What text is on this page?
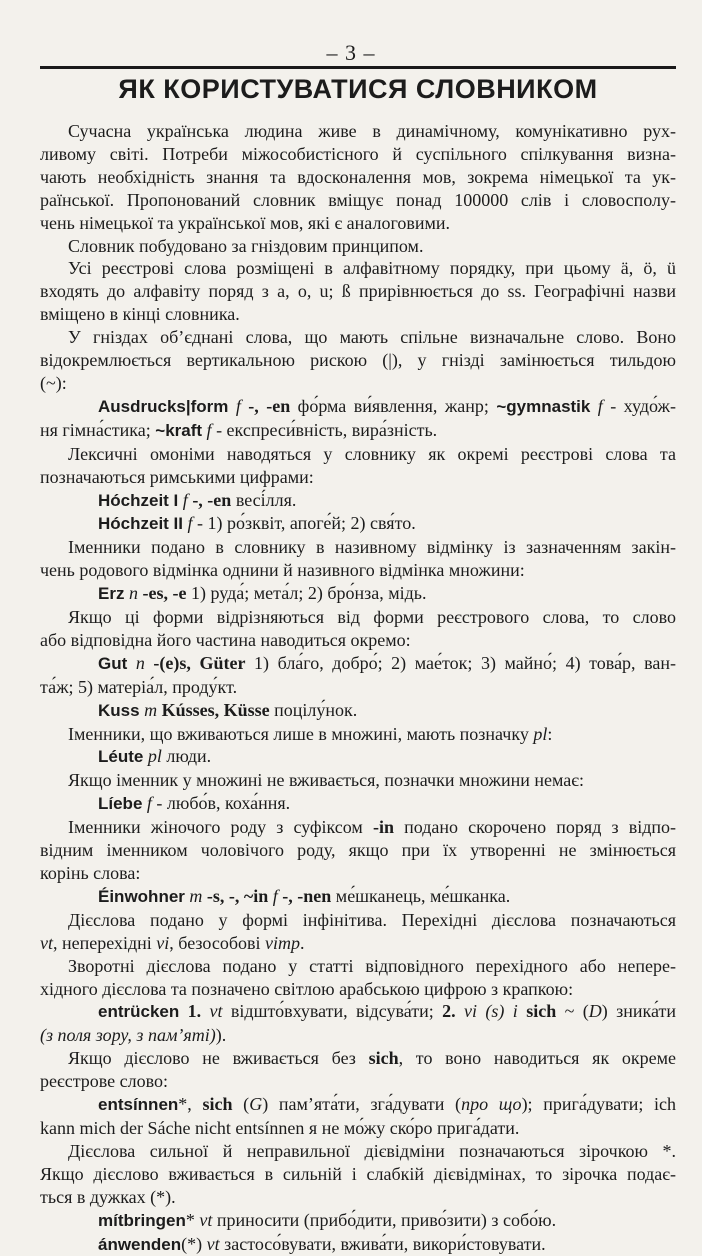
– 3 –
ЯК КОРИСТУВАТИСЯ СЛОВНИКОМ

Сучасна українська людина живе в динамічному, комунікативно рух-

ливому світі. Потреби міжособистісного й суспільного спілкування визна-

чають необхідність знання та вдосконалення мов, зокрема німецької та ук-

раїнської. Пропонований словник вміщує понад 100000 слів і словосполу-

чень німецької та української мов, які є аналоговими.

Словник побудовано за гніздовим принципом.

Усі реєстрові слова розміщені в алфавітному порядку, при цьому ä, ö, ü

входять до алфавіту поряд з a, o, u; ß прирівнюється до ss. Географічні назви

вміщено в кінці словника.

У гніздах об’єднані слова, що мають спільне визначальне слово. Воно

відокремлюється вертикальною рискою (|), у гнізді замінюється тильдою

(~):

Ausdrucks|form f -, -en фо́рма ви́явлення, жанр; ~gymnastik f - худо́ж-

ня гімна́стика; ~kraft f - експреси́вність, вира́зність.

Лексичні омоніми наводяться у словнику як окремі реєстрові слова та

позначаються римськими цифрами:

Hóchzeit I f -, -en весі́лля.

Hóchzeit II f - 1) ро́зквіт, апоге́й; 2) свя́то.

Іменники подано в словнику в називному відмінку із зазначенням закін-

чень родового відмінка однини й називного відмінка множини:

Erz n -es, -e 1) руда́; мета́л; 2) бро́нза, мідь.

Якщо ці форми відрізняються від форми реєстрового слова, то слово

або відповідна його частина наводиться окремо:

Gut n -(e)s, Güter 1) бла́го, добро́; 2) мае́ток; 3) майно́; 4) това́р, ван-

та́ж; 5) матеріа́л, проду́кт.

Kuss m Kússes, Küsse поцілу́нок.

Іменники, що вживаються лише в множині, мають позначку pl:

Léute pl люди.

Якщо іменник у множині не вживається, позначки множини немає:

Líebe f - любо́в, коха́ння.

Іменники жіночого роду з суфіксом -in подано скорочено поряд з відпо-

відним іменником чоловічого роду, якщо при їх утворенні не змінюється

корінь слова:

Éinwohner m -s, -, ~in f -, -nen ме́шканець, ме́шканка.

Дієслова подано у формі інфінітива. Перехідні дієслова позначаються

vt, неперехідні vi, безособові vimp.

Зворотні дієслова подано у статті відповідного перехідного або непере-

хідного дієслова та позначено світлою арабською цифрою з крапкою:

entrücken 1. vt відшто́вхувати, відсува́ти; 2. vi (s) i sich ~ (D) зника́ти

(з поля зору, з пам’яті)).

Якщо дієслово не вживається без sich, то воно наводиться як окреме

реєстрове слово:

entsínnen*, sich (G) пам’ята́ти, зга́дувати (про що); прига́дувати; ich

kann mich der Sáche nicht entsínnen я не мо́жу ско́ро прига́дати.

Дієслова сильної й неправильної дієвідміни позначаються зірочкою *.

Якщо дієслово вживається в сильній і слабкій дієвідмінах, то зірочка подає-

ться в дужках (*).

mítbringen* vt приносити (прибо́дити, приво́зити) з собо́ю.

ánwenden(*) vt застосо́вувати, вжива́ти, викори́стовувати.
